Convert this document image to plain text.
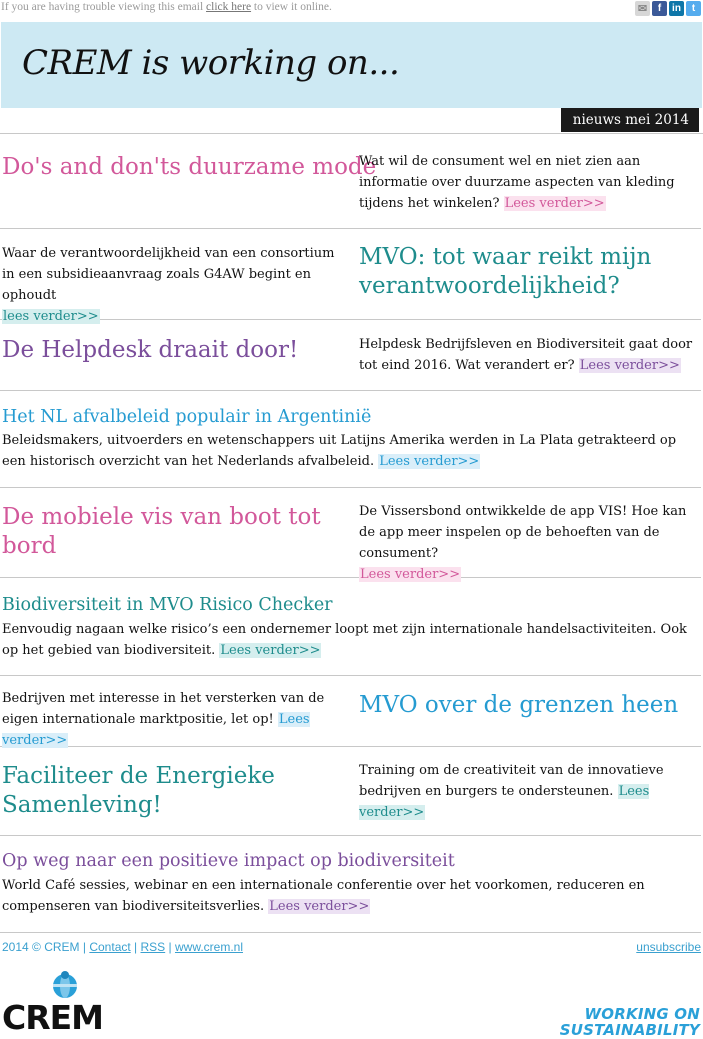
If you are having trouble viewing this email click here to view it online.	✉	f	in	t
CREM is working on...
nieuws mei 2014
Do's and don'ts duurzame mode
Wat wil de consument wel en niet zien aan informatie over duurzame aspecten van kleding tijdens het winkelen? Lees verder>>
Waar de verantwoordelijkheid van een consortium in een subsidieaanvraag zoals G4AW begint en ophoudt
lees verder>>
MVO: tot waar reikt mijn verantwoordelijkheid?
De Helpdesk draait door!	Helpdesk Bedrijfsleven en Biodiversiteit gaat door tot eind 2016. Wat verandert er? Lees verder>>
Het NL afvalbeleid populair in Argentinië
Beleidsmakers, uitvoerders en wetenschappers uit Latijns Amerika werden in La Plata getrakteerd op een historisch overzicht van het Nederlands afvalbeleid. Lees verder>>
De mobiele vis van boot tot bord
De Vissersbond ontwikkelde de app VIS! Hoe kan de app meer inspelen op de behoeften van de consument?
Lees verder>>
Biodiversiteit in MVO Risico Checker
Eenvoudig nagaan welke risico’s een ondernemer loopt met zijn internationale handelsactiviteiten. Ook op het gebied van biodiversiteit. Lees verder>>
Bedrijven met interesse in het versterken van de eigen internationale marktpositie, let op! Lees verder>>
MVO over de grenzen heen
Faciliteer de Energieke Samenleving!
Training om de creativiteit van de innovatieve bedrijven en burgers te ondersteunen. Lees verder>>
Op weg naar een positieve impact op biodiversiteit
World Café sessies, webinar en een internationale conferentie over het voorkomen, reduceren en compenseren van biodiversiteitsverlies. Lees verder>>
2014 © CREM | Contact | RSS | www.crem.nl	unsubscribe
CREM	WORKING ON
SUSTAINABILITY
